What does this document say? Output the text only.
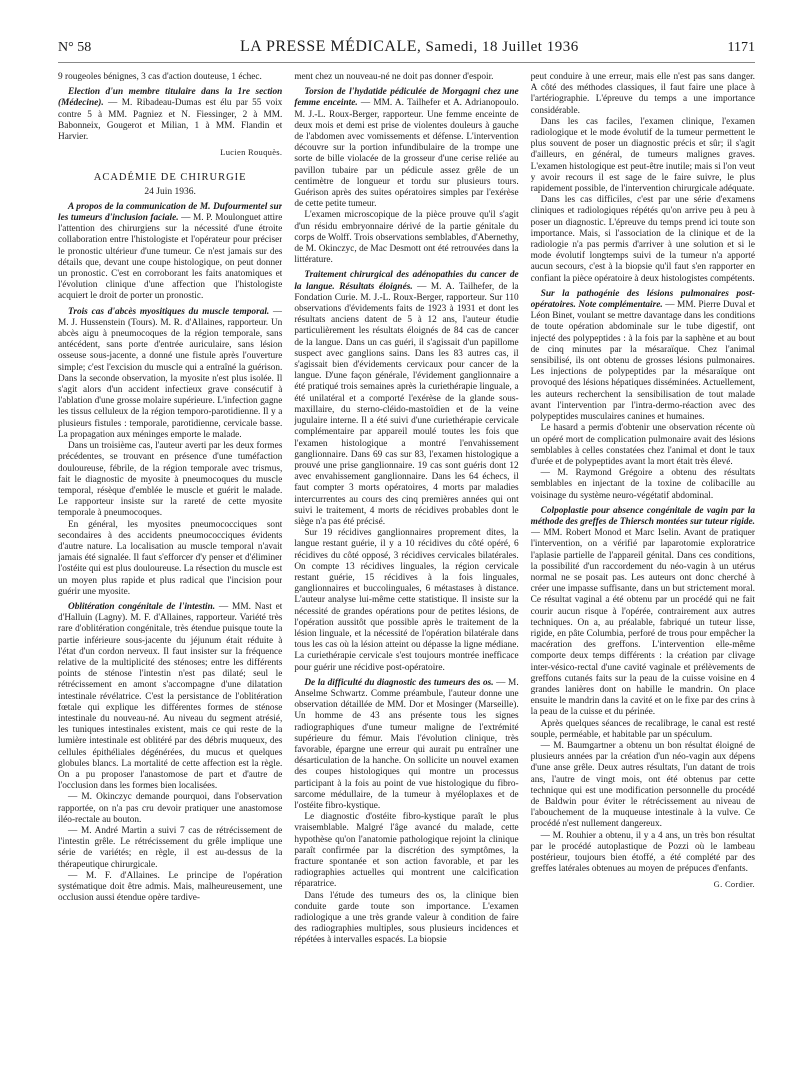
N° 58	LA PRESSE MÉDICALE, Samedi, 18 Juillet 1936	1171

9 rougeoles bénignes, 3 cas d'action douteuse, 1 échec.

Election d'un membre titulaire dans la 1re section (Médecine). — M. Ribadeau-Dumas est élu par 55 voix contre 5 à MM. Pagniez et N. Fiessinger, 2 à MM. Babonneix, Gougerot et Milian, 1 à MM. Flandin et Harvier.

Lucien Rouquès.
ACADÉMIE DE CHIRURGIE
24 Juin 1936.

A propos de la communication de M. Dufourmentel sur les tumeurs d'inclusion faciale. — M. P. Moulonguet attire l'attention des chirurgiens sur la nécessité d'une étroite collaboration entre l'histologiste et l'opérateur pour préciser le pronostic ultérieur d'une tumeur. Ce n'est jamais sur des détails que, devant une coupe histologique, on peut donner un pronostic. C'est en corroborant les faits anatomiques et l'évolution clinique d'une affection que l'histologiste acquiert le droit de porter un pronostic.

Trois cas d'abcès myositiques du muscle temporal. — M. J. Hussenstein (Tours). M. R. d'Allaines, rapporteur. Un abcès aigu à pneumocoques de la région temporale, sans antécédent, sans porte d'entrée auriculaire, sans lésion osseuse sous-jacente, a donné une fistule après l'ouverture simple; c'est l'excision du muscle qui a entraîné la guérison. Dans la seconde observation, la myosite n'est plus isolée. Il s'agit alors d'un accident infectieux grave consécutif à l'ablation d'une grosse molaire supérieure. L'infection gagne les tissus celluleux de la région temporo-parotidienne. Il y a plusieurs fistules : temporale, parotidienne, cervicale basse. La propagation aux méninges emporte le malade.

Dans un troisième cas, l'auteur averti par les deux formes précédentes, se trouvant en présence d'une tuméfaction douloureuse, fébrile, de la région temporale avec trismus, fait le diagnostic de myosite à pneumocoques du muscle temporal, résèque d'emblée le muscle et guérit le malade. Le rapporteur insiste sur la rareté de cette myosite temporale à pneumocoques.

En général, les myosites pneumococciques sont secondaires à des accidents pneumococciques évidents d'autre nature. La localisation au muscle temporal n'avait jamais été signalée. Il faut s'efforcer d'y penser et d'éliminer l'ostéite qui est plus douloureuse. La résection du muscle est un moyen plus rapide et plus radical que l'incision pour guérir une myosite.

Oblitération congénitale de l'intestin. — MM. Nast et d'Halluin (Lagny). M. F. d'Allaines, rapporteur. Variété très rare d'oblitération congénitale, très étendue puisque toute la partie inférieure sous-jacente du jéjunum était réduite à l'état d'un cordon nerveux. Il faut insister sur la fréquence relative de la multiplicité des sténoses; entre les différents points de sténose l'intestin n'est pas dilaté; seul le rétrécissement en amont s'accompagne d'une dilatation intestinale révélatrice. C'est la persistance de l'oblitération fœtale qui explique les différentes formes de sténose intestinale du nouveau-né. Au niveau du segment atrésié, les tuniques intestinales existent, mais ce qui reste de la lumière intestinale est oblitéré par des débris muqueux, des cellules épithéliales dégénérées, du mucus et quelques globules blancs. La mortalité de cette affection est la règle. On a pu proposer l'anastomose de part et d'autre de l'occlusion dans les formes bien localisées.

— M. Okinczyc demande pourquoi, dans l'observation rapportée, on n'a pas cru devoir pratiquer une anastomose iléo-rectale au bouton.

— M. André Martin a suivi 7 cas de rétrécissement de l'intestin grêle. Le rétrécissement du grêle implique une série de variétés; en règle, il est au-dessus de la thérapeutique chirurgicale.

— M. F. d'Allaines. Le principe de l'opération systématique doit être admis. Mais, malheureusement, une occlusion aussi étendue opère tardive-

ment chez un nouveau-né ne doit pas donner d'espoir.

Torsion de l'hydatide pédiculée de Morgagni chez une femme enceinte. — MM. A. Tailhefer et A. Adrianopoulo. M. J.-L. Roux-Berger, rapporteur. Une femme enceinte de deux mois et demi est prise de violentes douleurs à gauche de l'abdomen avec vomissements et défense. L'intervention découvre sur la portion infundibulaire de la trompe une sorte de bille violacée de la grosseur d'une cerise reliée au pavillon tubaire par un pédicule assez grêle de un centimètre de longueur et tordu sur plusieurs tours. Guérison après des suites opératoires simples par l'exérèse de cette petite tumeur.

L'examen microscopique de la pièce prouve qu'il s'agit d'un résidu embryonnaire dérivé de la partie génitale du corps de Wolff. Trois observations semblables, d'Abernethy, de M. Okinczyc, de Mac Desmott ont été retrouvées dans la littérature.

Traitement chirurgical des adénopathies du cancer de la langue. Résultats éloignés. — M. A. Tailhefer, de la Fondation Curie. M. J.-L. Roux-Berger, rapporteur. Sur 110 observations d'évidements faits de 1923 à 1931 et dont les résultats anciens datent de 5 à 12 ans, l'auteur étudie particulièrement les résultats éloignés de 84 cas de cancer de la langue. Dans un cas guéri, il s'agissait d'un papillome suspect avec ganglions sains. Dans les 83 autres cas, il s'agissait bien d'évidements cervicaux pour cancer de la langue. D'une façon générale, l'évidement ganglionnaire a été pratiqué trois semaines après la curiethérapie linguale, a été unilatéral et a comporté l'exérèse de la glande sous-maxillaire, du sterno-cléido-mastoïdien et de la veine jugulaire interne. Il a été suivi d'une curiethérapie cervicale complémentaire par appareil moulé toutes les fois que l'examen histologique a montré l'envahissement ganglionnaire. Dans 69 cas sur 83, l'examen histologique a prouvé une prise ganglionnaire. 19 cas sont guéris dont 12 avec envahissement ganglionnaire. Dans les 64 échecs, il faut compter 3 morts opératoires, 4 morts par maladies intercurrentes au cours des cinq premières années qui ont suivi le traitement, 4 morts de récidives probables dont le siège n'a pas été précisé.

Sur 19 récidives ganglionnaires proprement dites, la langue restant guérie, il y a 10 récidives du côté opéré, 6 récidives du côté opposé, 3 récidives cervicales bilatérales. On compte 13 récidives linguales, la région cervicale restant guérie, 15 récidives à la fois linguales, ganglionnaires et buccolinguales, 6 métastases à distance. L'auteur analyse lui-même cette statistique. Il insiste sur la nécessité de grandes opérations pour de petites lésions, de l'opération aussitôt que possible après le traitement de la lésion linguale, et la nécessité de l'opération bilatérale dans tous les cas où la lésion atteint ou dépasse la ligne médiane. La curiethérapie cervicale s'est toujours montrée inefficace pour guérir une récidive post-opératoire.

De la difficulté du diagnostic des tumeurs des os. — M. Anselme Schwartz. Comme préambule, l'auteur donne une observation détaillée de MM. Dor et Mosinger (Marseille). Un homme de 43 ans présente tous les signes radiographiques d'une tumeur maligne de l'extrémité supérieure du fémur. Mais l'évolution clinique, très favorable, épargne une erreur qui aurait pu entraîner une désarticulation de la hanche. On sollicite un nouvel examen des coupes histologiques qui montre un processus participant à la fois au point de vue histologique du fibro-sarcome médullaire, de la tumeur à myéloplaxes et de l'ostéite fibro-kystique.

Le diagnostic d'ostéite fibro-kystique paraît le plus vraisemblable. Malgré l'âge avancé du malade, cette hypothèse qu'on l'anatomie pathologique rejoint la clinique paraît confirmée par la discrétion des symptômes, la fracture spontanée et son action favorable, et par les radiographies actuelles qui montrent une calcification réparatrice.

Dans l'étude des tumeurs des os, la clinique bien conduite garde toute son importance. L'examen radiologique a une très grande valeur à condition de faire des radiographies multiples, sous plusieurs incidences et répétées à intervalles espacés. La biopsie

peut conduire à une erreur, mais elle n'est pas sans danger. A côté des méthodes classiques, il faut faire une place à l'artériographie. L'épreuve du temps a une importance considérable.

Dans les cas faciles, l'examen clinique, l'examen radiologique et le mode évolutif de la tumeur permettent le plus souvent de poser un diagnostic précis et sûr; il s'agit d'ailleurs, en général, de tumeurs malignes graves. L'examen histologique est peut-être inutile; mais si l'on veut y avoir recours il est sage de le faire suivre, le plus rapidement possible, de l'intervention chirurgicale adéquate.

Dans les cas difficiles, c'est par une série d'examens cliniques et radiologiques répétés qu'on arrive peu à peu à poser un diagnostic. L'épreuve du temps prend ici toute son importance. Mais, si l'association de la clinique et de la radiologie n'a pas permis d'arriver à une solution et si le mode évolutif longtemps suivi de la tumeur n'a apporté aucun secours, c'est à la biopsie qu'il faut s'en rapporter en confiant la pièce opératoire à deux histologistes compétents.

Sur la pathogénie des lésions pulmonaires post-opératoires. Note complémentaire. — MM. Pierre Duval et Léon Binet, voulant se mettre davantage dans les conditions de toute opération abdominale sur le tube digestif, ont injecté des polypeptides : à la fois par la saphène et au bout de cinq minutes par la mésaraïque. Chez l'animal sensibilisé, ils ont obtenu de grosses lésions pulmonaires. Les injections de polypeptides par la mésaraïque ont provoqué des lésions hépatiques disséminées. Actuellement, les auteurs recherchent la sensibilisation de tout malade avant l'intervention par l'intra-dermo-réaction avec des polypeptides musculaires canines et humaines.

Le hasard a permis d'obtenir une observation récente où un opéré mort de complication pulmonaire avait des lésions semblables à celles constatées chez l'animal et dont le taux d'urée et de polypeptides avant la mort était très élevé.

— M. Raymond Grégoire a obtenu des résultats semblables en injectant de la toxine de colibacille au voisinage du système neuro-végétatif abdominal.

Colpoplastie pour absence congénitale de vagin par la méthode des greffes de Thiersch montées sur tuteur rigide. — MM. Robert Monod et Marc Iselin. Avant de pratiquer l'intervention, on a vérifié par laparotomie exploratrice l'aplasie partielle de l'appareil génital. Dans ces conditions, la possibilité d'un raccordement du néo-vagin à un utérus normal ne se posait pas. Les auteurs ont donc cherché à créer une impasse suffisante, dans un but strictement moral. Ce résultat vaginal a été obtenu par un procédé qui ne fait courir aucun risque à l'opérée, contrairement aux autres techniques. On a, au préalable, fabriqué un tuteur lisse, rigide, en pâte Columbia, perforé de trous pour empêcher la macération des greffons. L'intervention elle-même comporte deux temps différents : la création par clivage inter-vésico-rectal d'une cavité vaginale et prélèvements de greffons cutanés faits sur la peau de la cuisse voisine en 4 grandes lanières dont on habille le mandrin. On place ensuite le mandrin dans la cavité et on le fixe par des crins à la peau de la cuisse et du périnée.

Après quelques séances de recalibrage, le canal est resté souple, perméable, et habitable par un spéculum.

— M. Baumgartner a obtenu un bon résultat éloigné de plusieurs années par la création d'un néo-vagin aux dépens d'une anse grêle. Deux autres résultats, l'un datant de trois ans, l'autre de vingt mois, ont été obtenus par cette technique qui est une modification personnelle du procédé de Baldwin pour éviter le rétrécissement au niveau de l'abouchement de la muqueuse intestinale à la vulve. Ce procédé n'est nullement dangereux.

— M. Rouhier a obtenu, il y a 4 ans, un très bon résultat par le procédé autoplastique de Pozzi où le lambeau postérieur, toujours bien étoffé, a été complété par des greffes latérales obtenues au moyen de prépuces d'enfants.

G. Cordier.
